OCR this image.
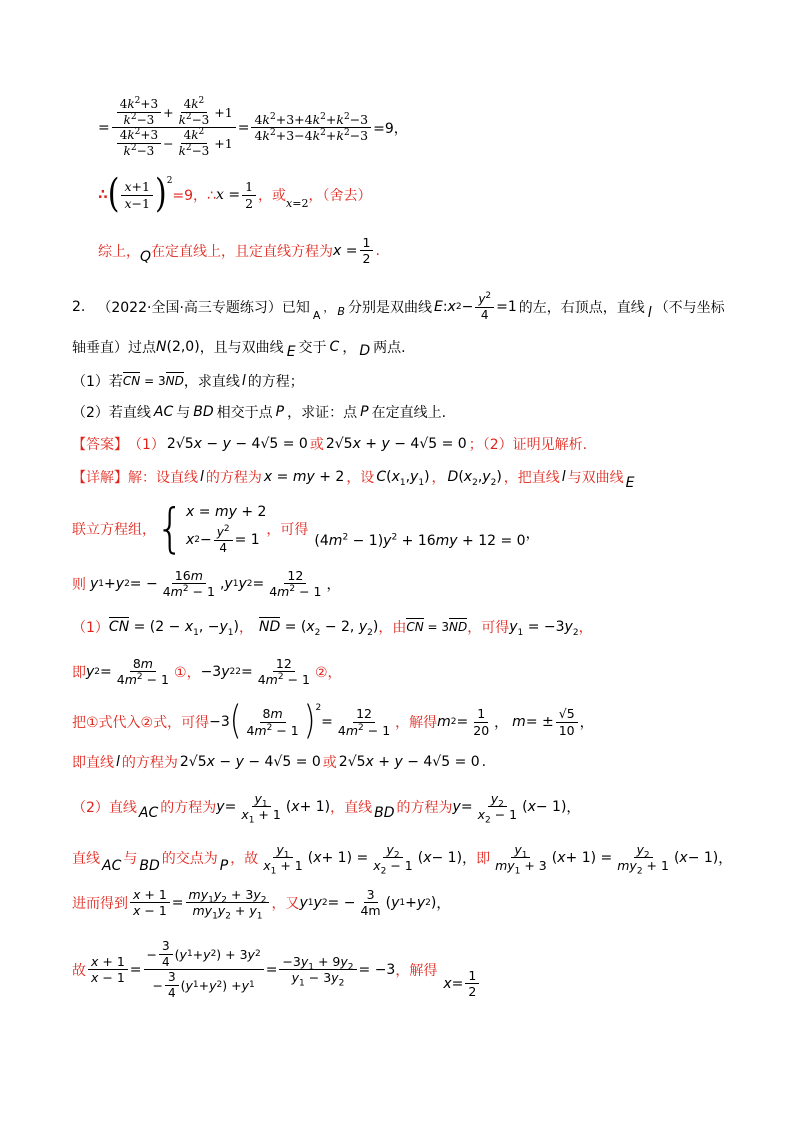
= $\frac{\frac{4k^2+3}{k^2-3} + \frac{4k^2}{k^2-3} +1}{\frac{4k^2+3}{k^2-3} - \frac{4k^2}{k^2-3} +1} = \frac{4k^2+3+4k^2+k^2-3}{4k^2+3-4k^2+k^2-3} =9$，
∴ ( $\frac{x+1}{x-1} )^2$
=9，∴ $x = \frac{1}{2}$ ，或 x=2 ，（舍去）
综上， Q 在定直线上，且定直线方程为 $x = \frac{1}{2}$ .
2. （2022·全国·高三专题练习） 已知 A
， B 分别是双曲线 E : x $2 - \frac{y^2}{4} =1$ 的左，右顶点，直线 l （不与坐标
轴垂直）过点 N(2,0) ，且与双曲线 E 交于 C ， D 两点.
（1）若 CN = 3ND ，求直线 l 的方程；
（2）若直线 AC 与 BD 相交于点 P ，求证：点 P 在定直线上.
【答案】 （1） 2√5x − y − 4√5 = 0 或 2√5x + y − 4√5 = 0 ；（2）证明见解析.
【详解】 解：设直线 l 的方程为 x = my + 2 ，设 $C(x_1,y_1)$ ， $D(x_2,y_2)$ ，把直线 l 与双曲线 E
联立方程组， { x = my + 2
x $2 - \frac{y^2}{4} = 1$
，可得
$(4m^2 - 1)y^2 + 16my + 12 = 0$ ，
则 y 1 + y 2 = − $\frac{16m}{4m^2 - 1}$ , y 1 y $2 = \frac{12}{4m^2 - 1}$ ，
（1） CN = ($2 - x_1$, $-y_1$) ， ND = ($x_2 - 2$, $y_2$) ，由 CN = 3ND ，可得 $y_1 = -3y_2$ ，
即 y $2 = \frac{8m}{4m^2 - 1}$ ①， −3 y 2 $2 = \frac{12}{4m^2 - 1}$ ②，
把①式代入②式，可得 −3 ( $\frac{8m}{4m^2 - 1} )^2$
= $\frac{12}{4m^2 - 1}$ ，解得 m $2 = \frac{1}{20}$ ， m = ± $\frac{√5}{10}$ ，
即直线 l 的方程为 2√5x − y − 4√5 = 0 或 2√5x + y − 4√5 = 0 .
（2）直线 AC 的方程为 $y = \frac{y_1}{x_1 + 1}$ ( x + 1) ，直线 BD 的方程为 $y = \frac{y_2}{x_2 - 1}$ ( x − 1) ，
直线 AC 与 BD 的交点为 P ，故 $\frac{y_1}{x_1 + 1}$ ( $x + 1) = \frac{y_2}{x_2 - 1}$ ( x − 1) ， 即 $\frac{y_1}{my_1 + 3}$ ( $x + 1) = \frac{y_2}{my_2 + 1}$ ( x − 1) ，
进而得到 $\frac{x + 1}{x - 1} = \frac{my_1y_2 + 3y_2}{my_1y_2 + y_1}$ ，又 y 1 y 2 = − $\frac{3}{4m}$ ( y 1 + y 2 ) ，
故 $\frac{x + 1}{x - 1} = \frac{- \frac{3}{4} ( y 1 + y 2 ) + 3 y 2}{- \frac{3}{4} ( y 1 + y 2 ) + y 1} = \frac{-3y_1 + 9y_2}{y_1 - 3y_2} = -3$ ，解得
$x = \frac{1}{2}$
